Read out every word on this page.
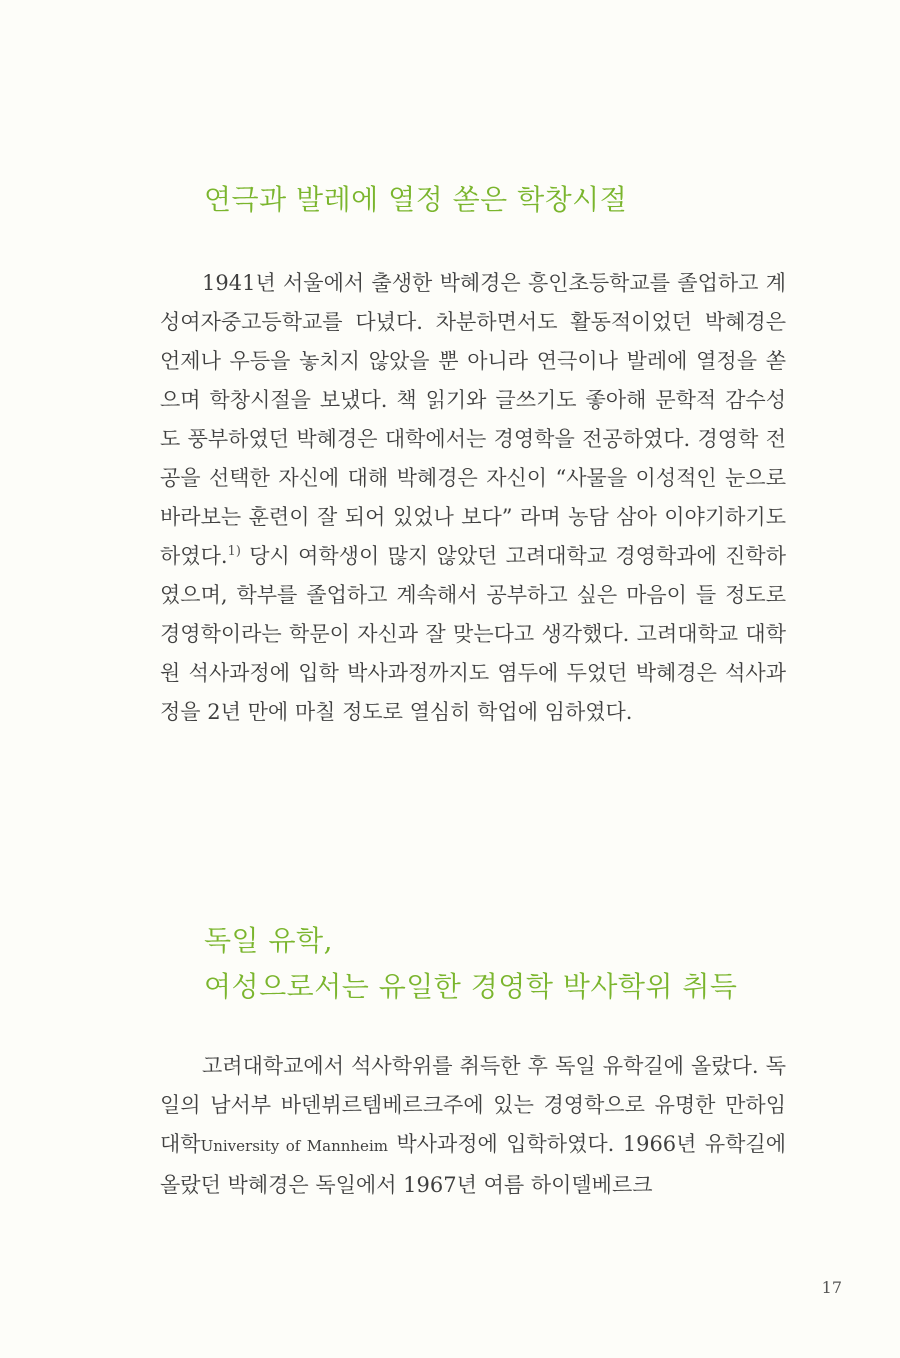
연극과 발레에 열정 쏟은 학창시절

1941년 서울에서 출생한 박혜경은 흥인초등학교를 졸업하고 계성여자중고등학교를 다녔다. 차분하면서도 활동적이었던 박혜경은 언제나 우등을 놓치지 않았을 뿐 아니라 연극이나 발레에 열정을 쏟으며 학창시절을 보냈다. 책 읽기와 글쓰기도 좋아해 문학적 감수성도 풍부하였던 박혜경은 대학에서는 경영학을 전공하였다. 경영학 전공을 선택한 자신에 대해 박혜경은 자신이 “사물을 이성적인 눈으로 바라보는 훈련이 잘 되어 있었나 보다” 라며 농담 삼아 이야기하기도 하였다.$^{1)}$ 당시 여학생이 많지 않았던 고려대학교 경영학과에 진학하였으며, 학부를 졸업하고 계속해서 공부하고 싶은 마음이 들 정도로 경영학이라는 학문이 자신과 잘 맞는다고 생각했다. 고려대학교 대학원 석사과정에 입학 박사과정까지도 염두에 두었던 박혜경은 석사과정을 2년 만에 마칠 정도로 열심히 학업에 임하였다.

독일 유학,
여성으로서는 유일한 경영학 박사학위 취득

고려대학교에서 석사학위를 취득한 후 독일 유학길에 올랐다. 독일의 남서부 바덴뷔르템베르크주에 있는 경영학으로 유명한 만하임대학University of Mannheim 박사과정에 입학하였다. 1966년 유학길에 올랐던 박혜경은 독일에서 1967년 여름 하이델베르크

17
